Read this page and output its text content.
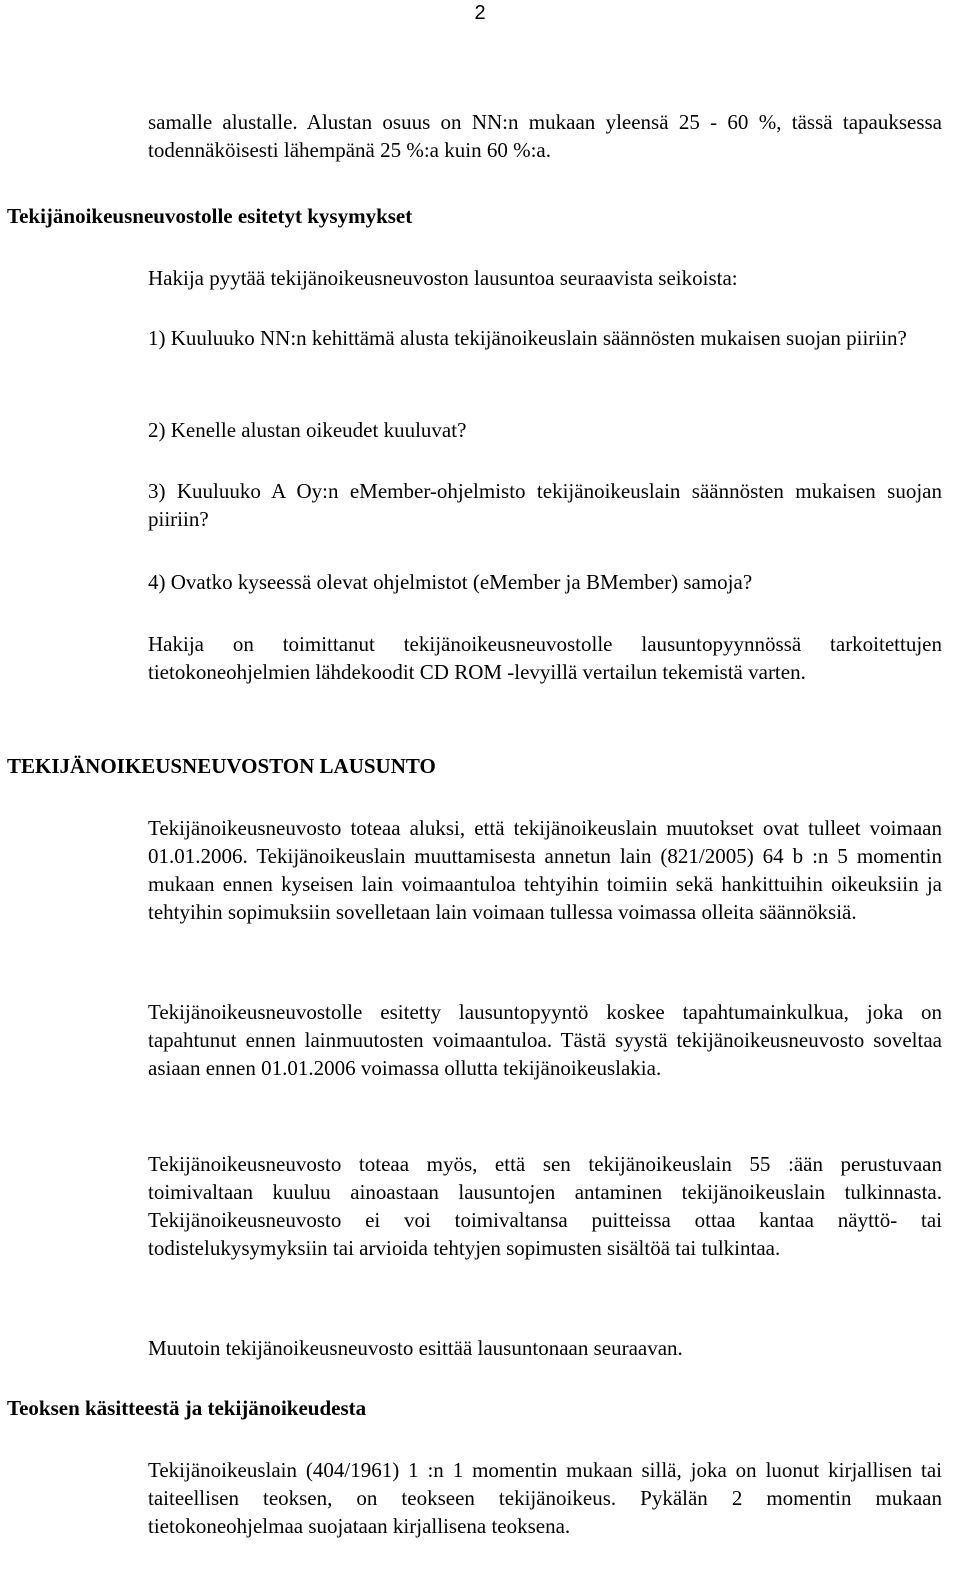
2

samalle alustalle. Alustan osuus on NN:n mukaan yleensä 25 - 60 %, tässä tapauksessa todennäköisesti lähempänä 25 %:a kuin 60 %:a.

Tekijänoikeusneuvostolle esitetyt kysymykset

Hakija pyytää tekijänoikeusneuvoston lausuntoa seuraavista seikoista:

1) Kuuluuko NN:n kehittämä alusta tekijänoikeuslain säännösten mukaisen suojan piiriin?

2) Kenelle alustan oikeudet kuuluvat?

3) Kuuluuko A Oy:n eMember-ohjelmisto tekijänoikeuslain säännösten mukaisen suojan piiriin?

4) Ovatko kyseessä olevat ohjelmistot (eMember ja BMember) samoja?

Hakija on toimittanut tekijänoikeusneuvostolle lausuntopyynnössä tarkoitettujen tietokoneohjelmien lähdekoodit CD ROM -levyillä vertailun tekemistä varten.

TEKIJÄNOIKEUSNEUVOSTON LAUSUNTO

Tekijänoikeusneuvosto toteaa aluksi, että tekijänoikeuslain muutokset ovat tulleet voimaan 01.01.2006. Tekijänoikeuslain muuttamisesta annetun lain (821/2005) 64 b :n 5 momentin mukaan ennen kyseisen lain voimaantuloa tehtyihin toimiin sekä hankittuihin oikeuksiin ja tehtyihin sopimuksiin sovelletaan lain voimaan tullessa voimassa olleita säännöksiä.

Tekijänoikeusneuvostolle esitetty lausuntopyyntö koskee tapahtumainkulkua, joka on tapahtunut ennen lainmuutosten voimaantuloa. Tästä syystä tekijänoikeusneuvosto soveltaa asiaan ennen 01.01.2006 voimassa ollutta tekijänoikeuslakia.

Tekijänoikeusneuvosto toteaa myös, että sen tekijänoikeuslain 55 :ään perustuvaan toimivaltaan kuuluu ainoastaan lausuntojen antaminen tekijänoikeuslain tulkinnasta. Tekijänoikeusneuvosto ei voi toimivaltansa puitteissa ottaa kantaa näyttö- tai todistelukysymyksiin tai arvioida tehtyjen sopimusten sisältöä tai tulkintaa.

Muutoin tekijänoikeusneuvosto esittää lausuntonaan seuraavan.

Teoksen käsitteestä ja tekijänoikeudesta

Tekijänoikeuslain (404/1961) 1 :n 1 momentin mukaan sillä, joka on luonut kirjallisen tai taiteellisen teoksen, on teokseen tekijänoikeus. Pykälän 2 momentin mukaan tietokoneohjelmaa suojataan kirjallisena teoksena.
